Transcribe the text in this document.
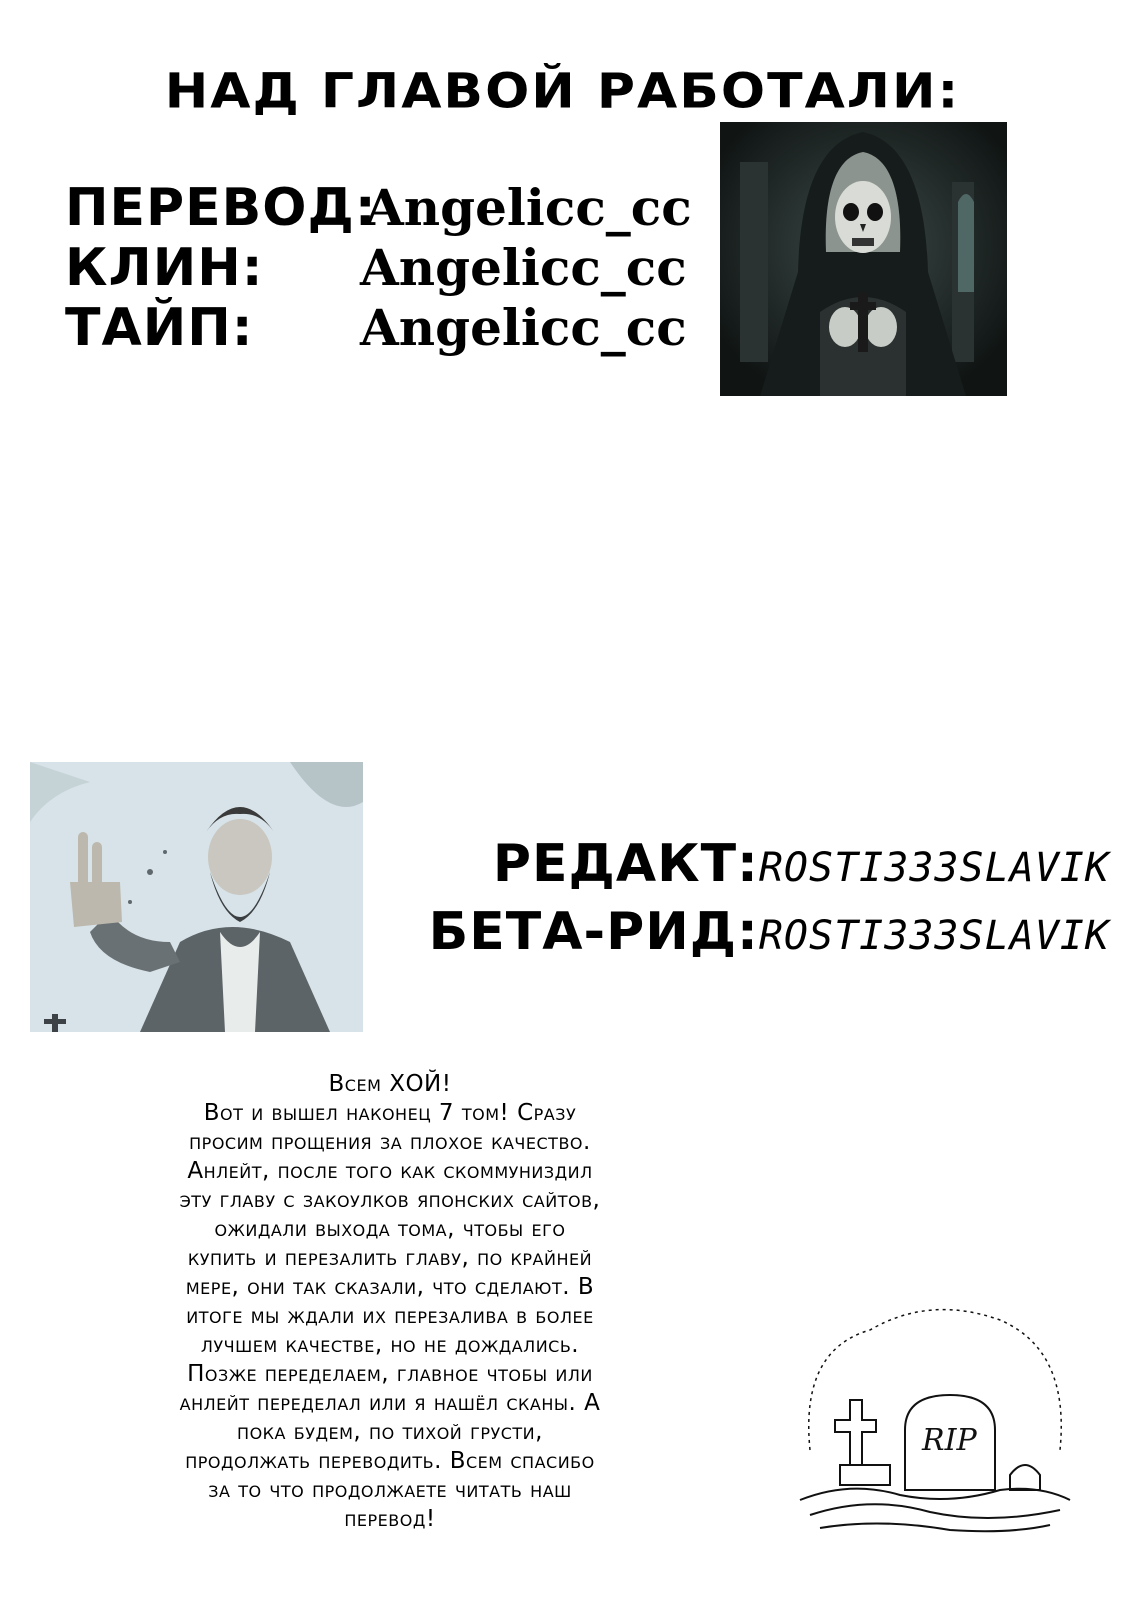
НАД ГЛАВОЙ РАБОТАЛИ:
ПЕРЕВОД:
Angelicc_cc
КЛИН: Angelicc_cc
ТАЙП: Angelicc_cc
РЕДАКТ:ROSTI333SLAVIK
БЕТА-РИД:ROSTI333SLAVIK
Всем ХОЙ!
Вот и вышел наконец 7 том! Сразу
просим прощения за плохое качество.
Анлейт, после того как скоммуниздил
эту главу с закоулков японских сайтов,
ожидали выхода тома, чтобы его
купить и перезалить главу, по крайней
мере, они так сказали, что сделают. В
итоге мы ждали их перезалива в более
лучшем качестве, но не дождались.
Позже переделаем, главное чтобы или
анлейт переделал или я нашёл сканы. А
пока будем, по тихой грусти,
продолжать переводить. Всем спасибо
за то что продолжаете читать наш
перевод!
RIP
